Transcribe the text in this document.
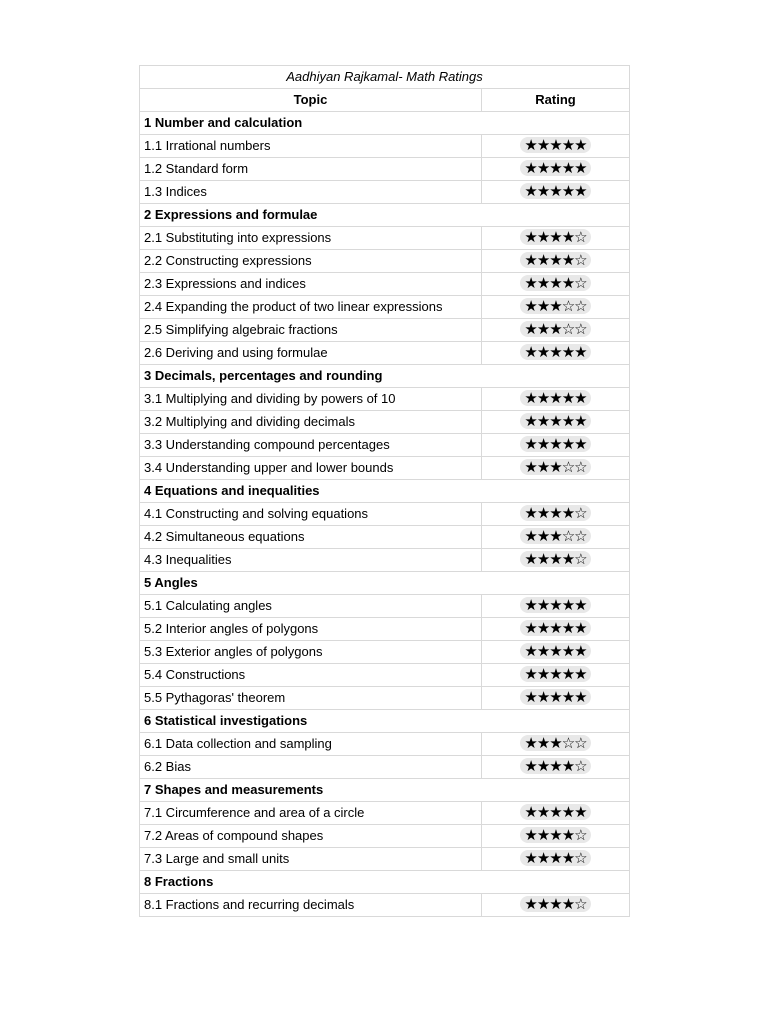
Aadhiyan Rajkamal- Math Ratings	
Topic	Rating
1 Number and calculation	
1.1 Irrational numbers	★★★★★
1.2 Standard form	★★★★★
1.3 Indices	★★★★★
2 Expressions and formulae	
2.1 Substituting into expressions	★★★★☆
2.2 Constructing expressions	★★★★☆
2.3 Expressions and indices	★★★★☆
2.4 Expanding the product of two linear expressions	★★★☆☆
2.5 Simplifying algebraic fractions	★★★☆☆
2.6 Deriving and using formulae	★★★★★
3 Decimals, percentages and rounding	
3.1 Multiplying and dividing by powers of 10	★★★★★
3.2 Multiplying and dividing decimals	★★★★★
3.3 Understanding compound percentages	★★★★★
3.4 Understanding upper and lower bounds	★★★☆☆
4 Equations and inequalities	
4.1 Constructing and solving equations	★★★★☆
4.2 Simultaneous equations	★★★☆☆
4.3 Inequalities	★★★★☆
5 Angles	
5.1 Calculating angles	★★★★★
5.2 Interior angles of polygons	★★★★★
5.3 Exterior angles of polygons	★★★★★
5.4 Constructions	★★★★★
5.5 Pythagoras' theorem	★★★★★
6 Statistical investigations	
6.1 Data collection and sampling	★★★☆☆
6.2 Bias	★★★★☆
7 Shapes and measurements	
7.1 Circumference and area of a circle	★★★★★
7.2 Areas of compound shapes	★★★★☆
7.3 Large and small units	★★★★☆
8 Fractions	
8.1 Fractions and recurring decimals	★★★★☆
